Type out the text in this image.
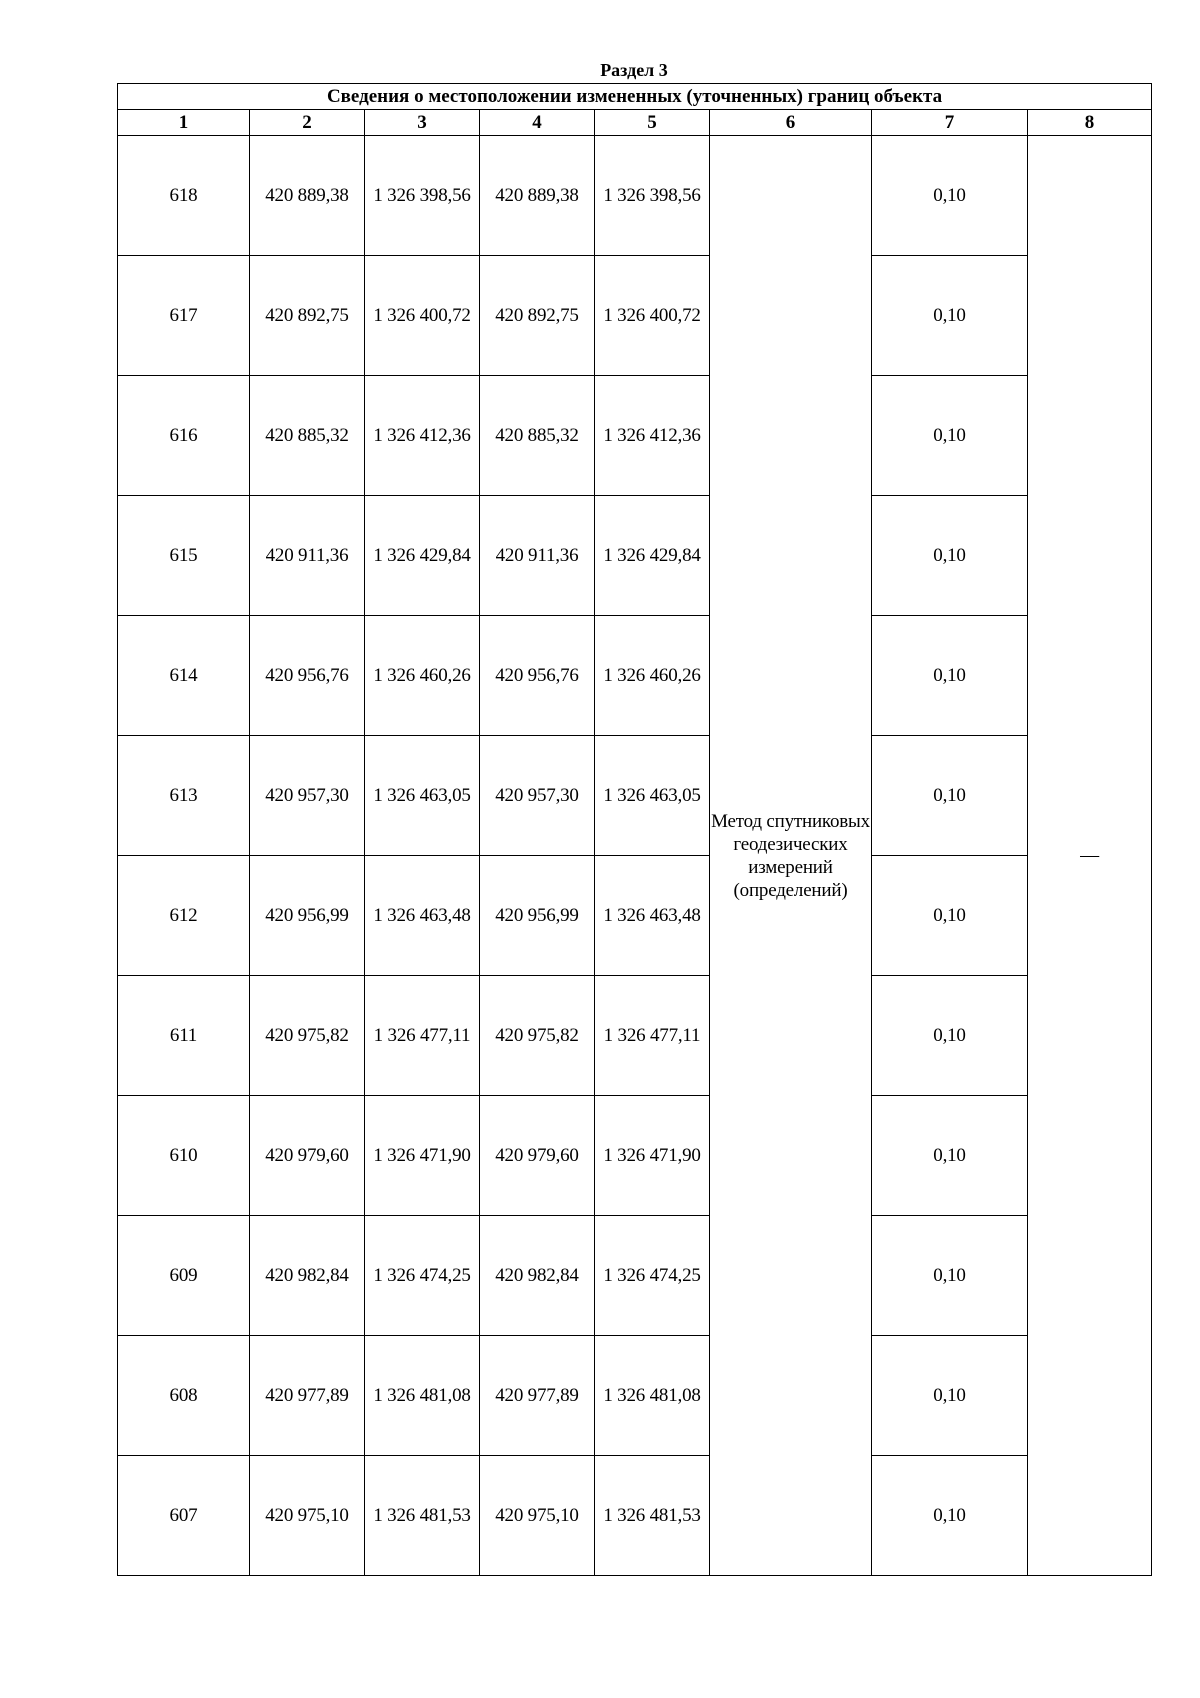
Раздел 3
Сведения о местоположении измененных (уточненных) границ объекта							
1	2	3	4	5	6	7	8
618	420 889,38	1 326 398,56	420 889,38	1 326 398,56	Метод спутниковых геодезических измерений (определений)	0,10	—
617	420 892,75	1 326 400,72	420 892,75	1 326 400,72		0,10	
616	420 885,32	1 326 412,36	420 885,32	1 326 412,36		0,10	
615	420 911,36	1 326 429,84	420 911,36	1 326 429,84		0,10	
614	420 956,76	1 326 460,26	420 956,76	1 326 460,26		0,10	
613	420 957,30	1 326 463,05	420 957,30	1 326 463,05		0,10	
612	420 956,99	1 326 463,48	420 956,99	1 326 463,48		0,10	
611	420 975,82	1 326 477,11	420 975,82	1 326 477,11		0,10	
610	420 979,60	1 326 471,90	420 979,60	1 326 471,90		0,10	
609	420 982,84	1 326 474,25	420 982,84	1 326 474,25		0,10	
608	420 977,89	1 326 481,08	420 977,89	1 326 481,08		0,10	
607	420 975,10	1 326 481,53	420 975,10	1 326 481,53		0,10	
